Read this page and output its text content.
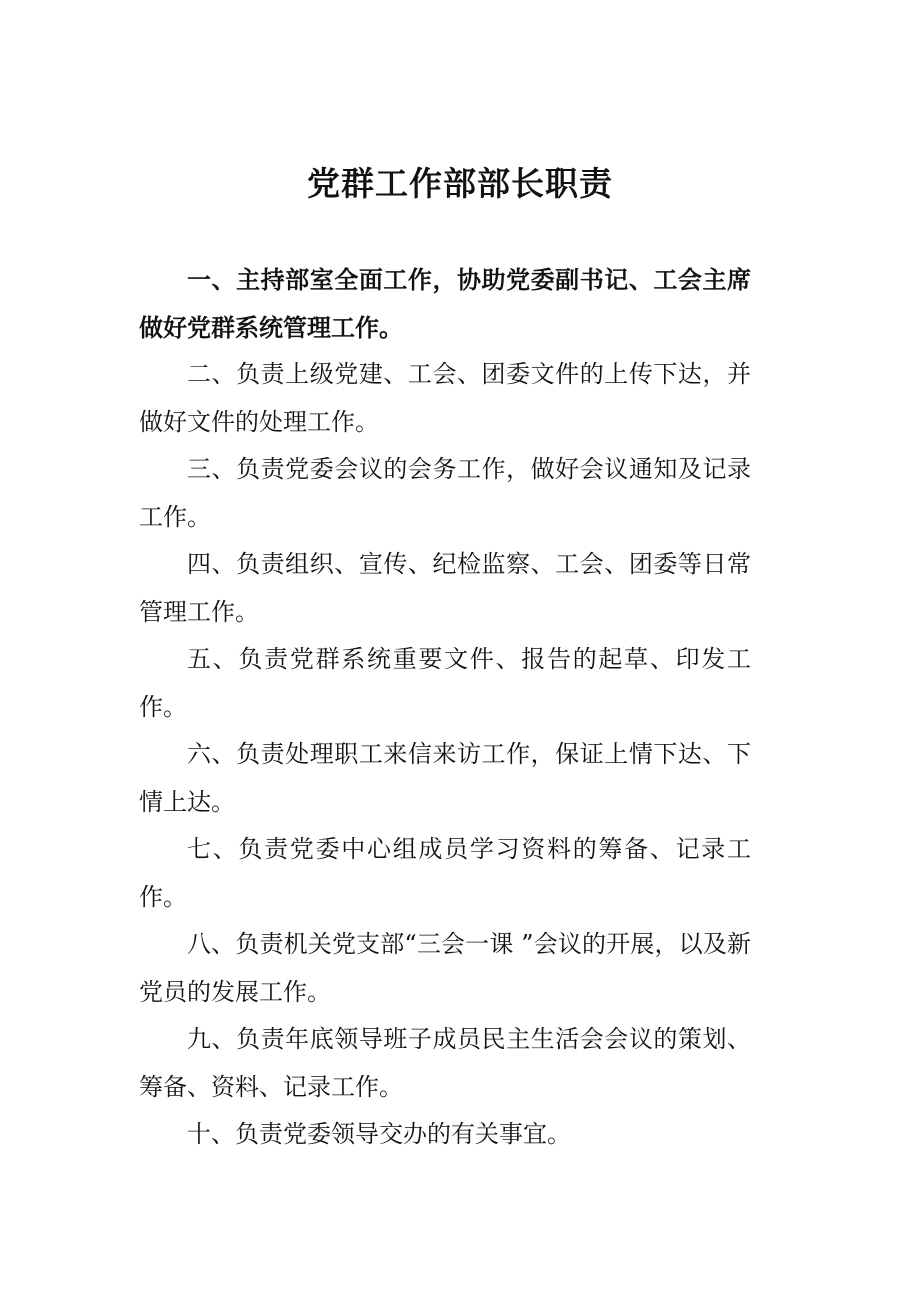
党群工作部部长职责

一、主持部室全面工作，协助党委副书记、工会主席做好党群系统管理工作。

二、负责上级党建、工会、团委文件的上传下达，并做好文件的处理工作。

三、负责党委会议的会务工作，做好会议通知及记录工作。

四、负责组织、宣传、纪检监察、工会、团委等日常管理工作。

五、负责党群系统重要文件、报告的起草、印发工作。

六、负责处理职工来信来访工作，保证上情下达、下情上达。

七、负责党委中心组成员学习资料的筹备、记录工作。

八、负责机关党支部“三会一课 ”会议的开展，以及新党员的发展工作。

九、负责年底领导班子成员民主生活会会议的策划、筹备、资料、记录工作。

十、负责党委领导交办的有关事宜。
